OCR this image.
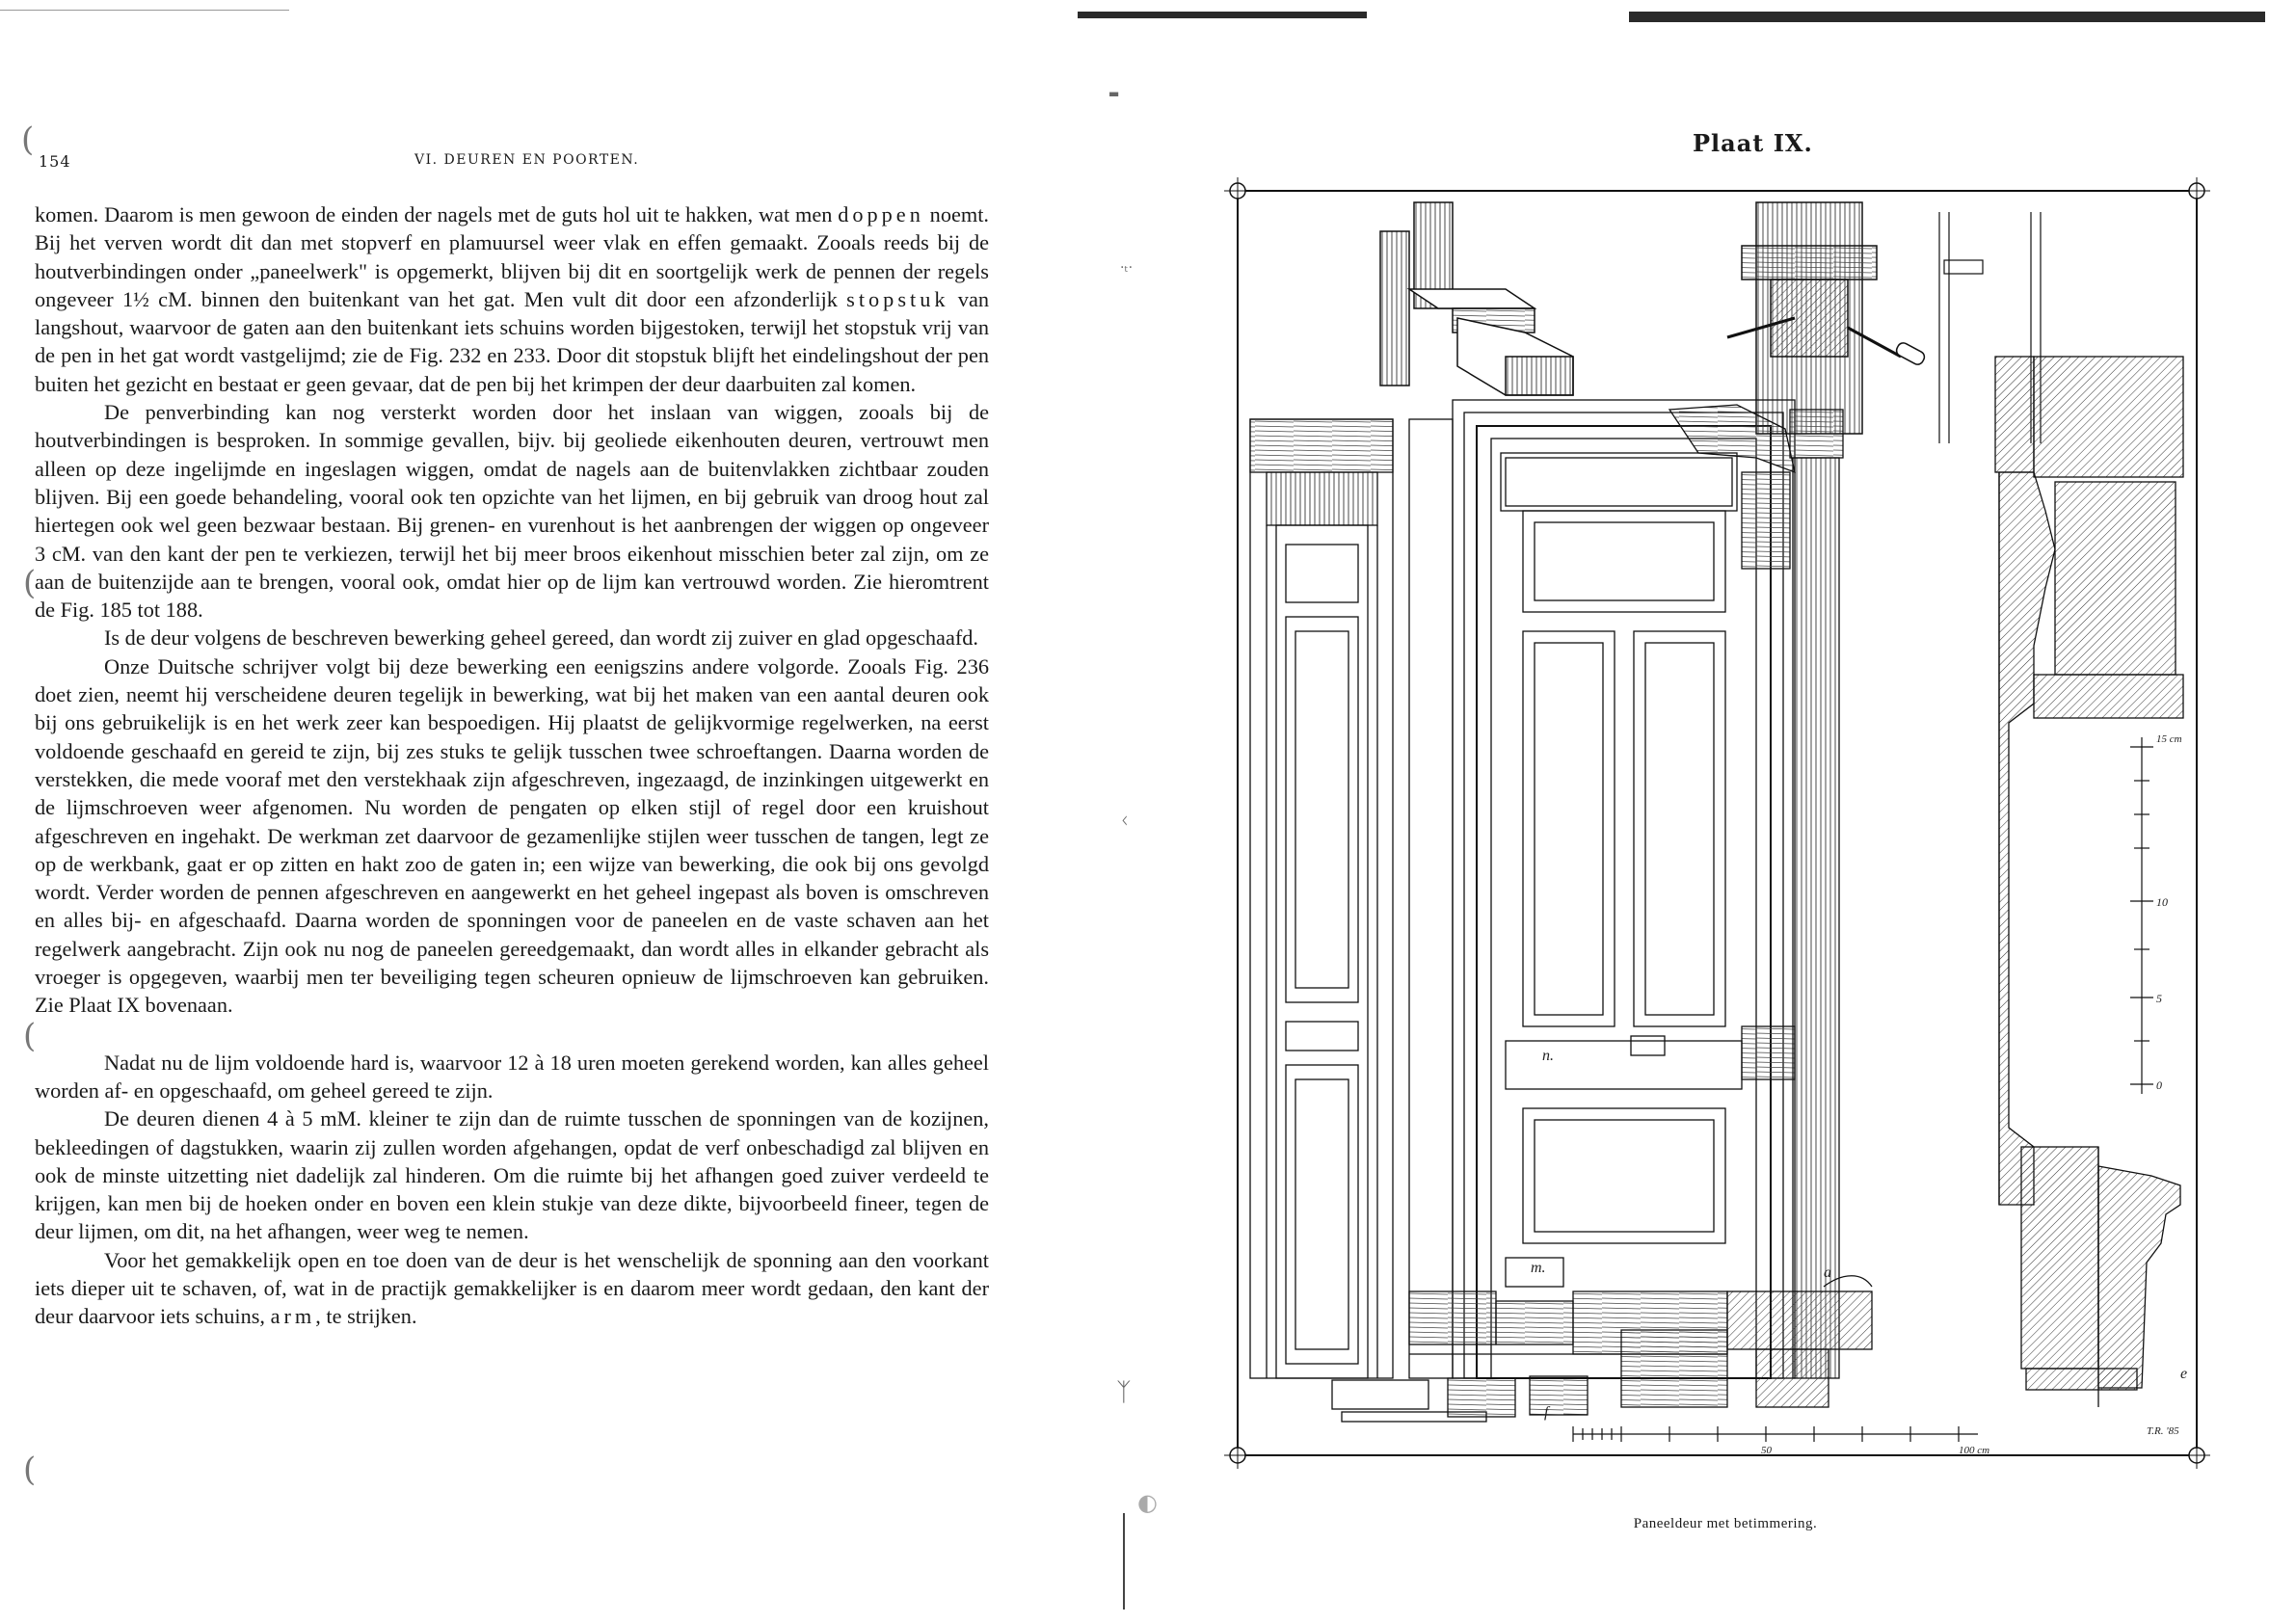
154	VI. DEUREN EN POORTEN.

komen. Daarom is men gewoon de einden der nagels met de guts hol uit te hakken, wat men doppen noemt. Bij het verven wordt dit dan met stopverf en plamuursel weer vlak en effen gemaakt. Zooals reeds bij de houtverbindingen onder „paneelwerk" is opgemerkt, blijven bij dit en soortgelijk werk de pennen der regels ongeveer 1½ cM. binnen den buitenkant van het gat. Men vult dit door een afzonderlijk stopstuk van langshout, waarvoor de gaten aan den buitenkant iets schuins worden bijgestoken, terwijl het stopstuk vrij van de pen in het gat wordt vastgelijmd; zie de Fig. 232 en 233. Door dit stopstuk blijft het eindelingshout der pen buiten het gezicht en bestaat er geen gevaar, dat de pen bij het krimpen der deur daarbuiten zal komen.

De penverbinding kan nog versterkt worden door het inslaan van wiggen, zooals bij de houtverbindingen is besproken. In sommige gevallen, bijv. bij geoliede eikenhouten deuren, vertrouwt men alleen op deze ingelijmde en ingeslagen wiggen, omdat de nagels aan de buitenvlakken zichtbaar zouden blijven. Bij een goede behandeling, vooral ook ten opzichte van het lijmen, en bij gebruik van droog hout zal hiertegen ook wel geen bezwaar bestaan. Bij grenen- en vurenhout is het aanbrengen der wiggen op ongeveer 3 cM. van den kant der pen te verkiezen, terwijl het bij meer broos eikenhout misschien beter zal zijn, om ze aan de buitenzijde aan te brengen, vooral ook, omdat hier op de lijm kan vertrouwd worden. Zie hieromtrent de Fig. 185 tot 188.

Is de deur volgens de beschreven bewerking geheel gereed, dan wordt zij zuiver en glad opgeschaafd.

Onze Duitsche schrijver volgt bij deze bewerking een eenigszins andere volgorde. Zooals Fig. 236 doet zien, neemt hij verscheidene deuren tegelijk in bewerking, wat bij het maken van een aantal deuren ook bij ons gebruikelijk is en het werk zeer kan bespoedigen. Hij plaatst de gelijkvormige regelwerken, na eerst voldoende geschaafd en gereid te zijn, bij zes stuks te gelijk tusschen twee schroeftangen. Daarna worden de verstekken, die mede vooraf met den verstekhaak zijn afgeschreven, ingezaagd, de inzinkingen uitgewerkt en de lijmschroeven weer afgenomen. Nu worden de pengaten op elken stijl of regel door een kruishout afgeschreven en ingehakt. De werkman zet daarvoor de gezamenlijke stijlen weer tusschen de tangen, legt ze op de werkbank, gaat er op zitten en hakt zoo de gaten in; een wijze van bewerking, die ook bij ons gevolgd wordt. Verder worden de pennen afgeschreven en aangewerkt en het geheel ingepast als boven is omschreven en alles bij- en afgeschaafd. Daarna worden de sponningen voor de paneelen en de vaste schaven aan het regelwerk aangebracht. Zijn ook nu nog de paneelen gereedgemaakt, dan wordt alles in elkander gebracht als vroeger is opgegeven, waarbij men ter beveiliging tegen scheuren opnieuw de lijmschroeven kan gebruiken. Zie Plaat IX bovenaan.

Nadat nu de lijm voldoende hard is, waarvoor 12 à 18 uren moeten gerekend worden, kan alles geheel worden af- en opgeschaafd, om geheel gereed te zijn.

De deuren dienen 4 à 5 mM. kleiner te zijn dan de ruimte tusschen de sponningen van de kozijnen, bekleedingen of dagstukken, waarin zij zullen worden afgehangen, opdat de verf onbeschadigd zal blijven en ook de minste uitzetting niet dadelijk zal hinderen. Om die ruimte bij het afhangen goed zuiver verdeeld te krijgen, kan men bij de hoeken onder en boven een klein stukje van deze dikte, bijvoorbeeld fineer, tegen de deur lijmen, om dit, na het afhangen, weer weg te nemen.

Voor het gemakkelijk open en toe doen van de deur is het wenschelijk de sponning aan den voorkant iets dieper uit te schaven, of, wat in de practijk gemakkelijker is en daarom meer wordt gedaan, den kant der deur daarvoor iets schuins, arm, te strijken.

(
(
(
(
▬
·ₜ·
ᚲ
ᛉ
◐
Plaat IX.
n.
m.
15 cm
10
5
0
e
a
f
50	100 cm
T.R. '85
Paneeldeur met betimmering.
